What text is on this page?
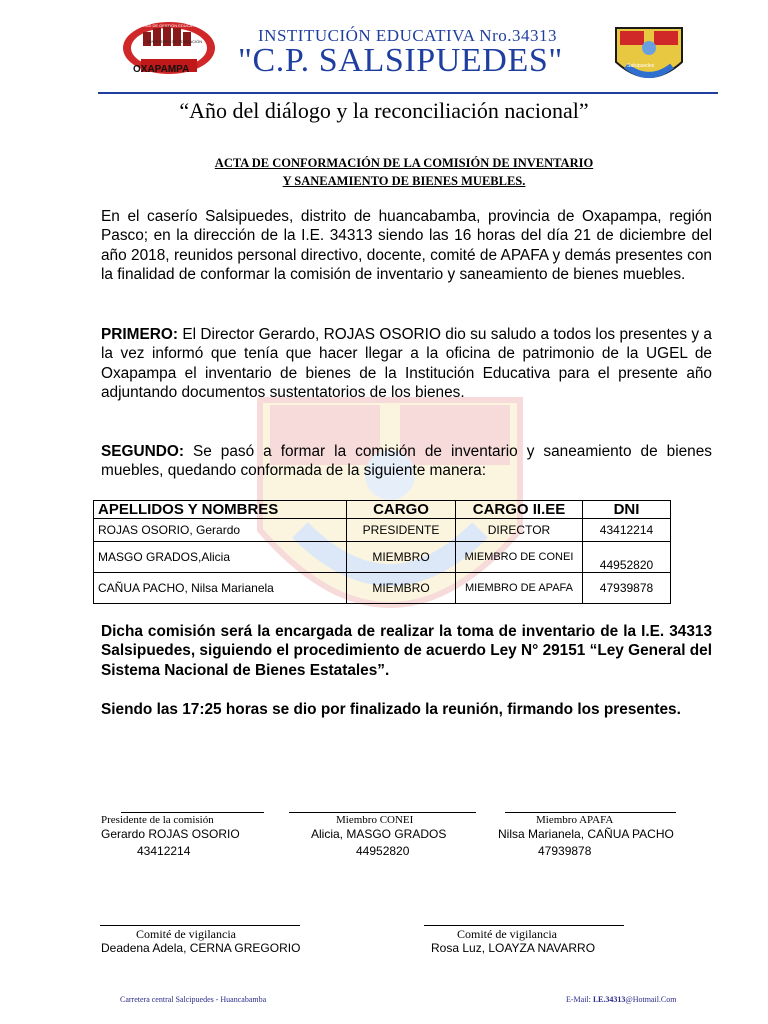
UNIDAD DE GESTIÓN EDUCATIVA LOCAL
MINISTERIO DE EDUCACIÓN
UGEL
OXAPAMPA	Salsipuedes
INSTITUCIÓN EDUCATIVA Nro.34313
"C.P. SALSIPUEDES"
“Año del diálogo y la reconciliación nacional”
ACTA DE CONFORMACIÓN DE LA COMISIÓN DE INVENTARIO
Y SANEAMIENTO DE BIENES MUEBLES.
En el caserío Salsipuedes, distrito de huancabamba, provincia de Oxapampa, región Pasco; en la dirección de la I.E. 34313 siendo las 16 horas del día 21 de diciembre del año 2018, reunidos personal directivo, docente, comité de APAFA y demás presentes con la finalidad de conformar la comisión de inventario y saneamiento de bienes muebles.
PRIMERO: El Director Gerardo, ROJAS OSORIO dio su saludo a todos los presentes y a la vez informó que tenía que hacer llegar a la oficina de patrimonio de la UGEL de Oxapampa el inventario de bienes de la Institución Educativa para el presente año adjuntando documentos sustentatorios de los bienes.
SEGUNDO: Se pasó a formar la comisión de inventario y saneamiento de bienes muebles, quedando conformada de la siguiente manera:
APELLIDOS Y NOMBRES	CARGO	CARGO II.EE	DNI
ROJAS OSORIO, Gerardo	PRESIDENTE	DIRECTOR	43412214
MASGO GRADOS,Alicia	MIEMBRO	MIEMBRO DE CONEI	44952820
CAÑUA PACHO, Nilsa Marianela	MIEMBRO	MIEMBRO DE APAFA	47939878
Dicha comisión será la encargada de realizar la toma de inventario de la I.E. 34313 Salsipuedes, siguiendo el procedimiento de acuerdo Ley N° 29151 “Ley General del Sistema Nacional de Bienes Estatales”.
Siendo las 17:25 horas se dio por finalizado la reunión, firmando los presentes.
Presidente de la comisión
Gerardo ROJAS OSORIO
43412214
Miembro CONEI
Alicia, MASGO GRADOS
44952820
Miembro APAFA
Nilsa Marianela, CAÑUA PACHO
47939878
Comité de vigilancia
Deadena Adela, CERNA GREGORIO
Comité de vigilancia
Rosa Luz, LOAYZA NAVARRO
Carretera central Salcipuedes - Huancabamba	E-Mail: I.E.34313@Hotmail.Com
